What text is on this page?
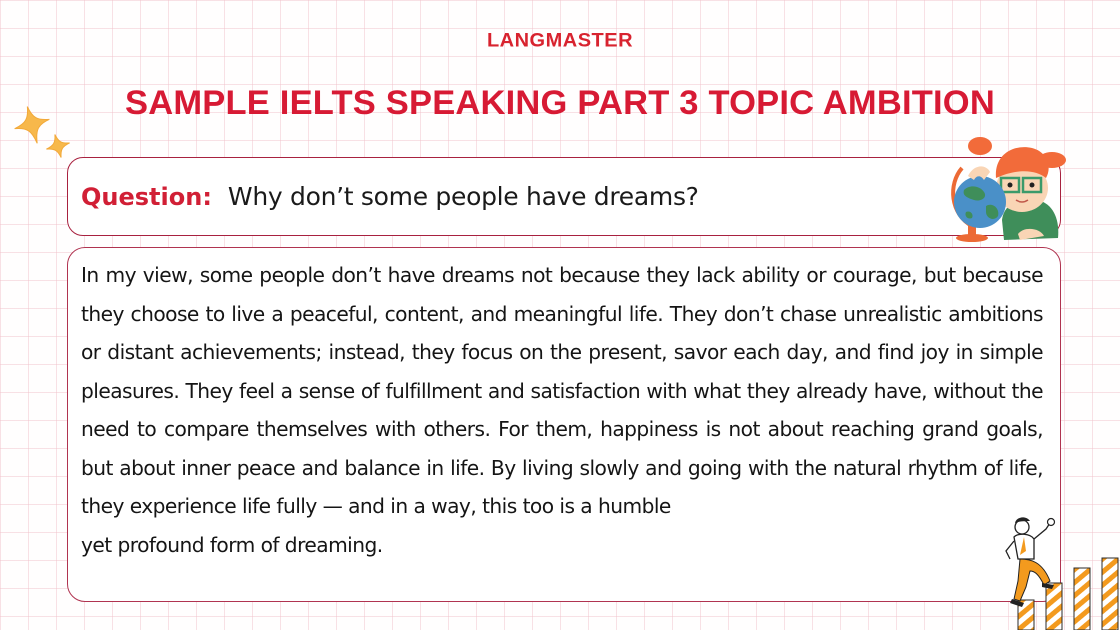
LANGMASTER
SAMPLE IELTS SPEAKING PART 3 TOPIC AMBITION
Question: Why don’t some people have dreams?

In my view, some people don’t have dreams not because they lack ability or courage, but because they choose to live a peaceful, content, and meaningful life. They don’t chase unrealistic ambitions or distant achievements; instead, they focus on the present, savor each day, and find joy in simple pleasures. They feel a sense of fulfillment and satisfaction with what they already have, without the need to compare themselves with others. For them, happiness is not about reaching grand goals, but about inner peace and balance in life. By living slowly and going with the natural rhythm of life, they experience life fully — and in a way, this too is a humble
yet profound form of dreaming.
